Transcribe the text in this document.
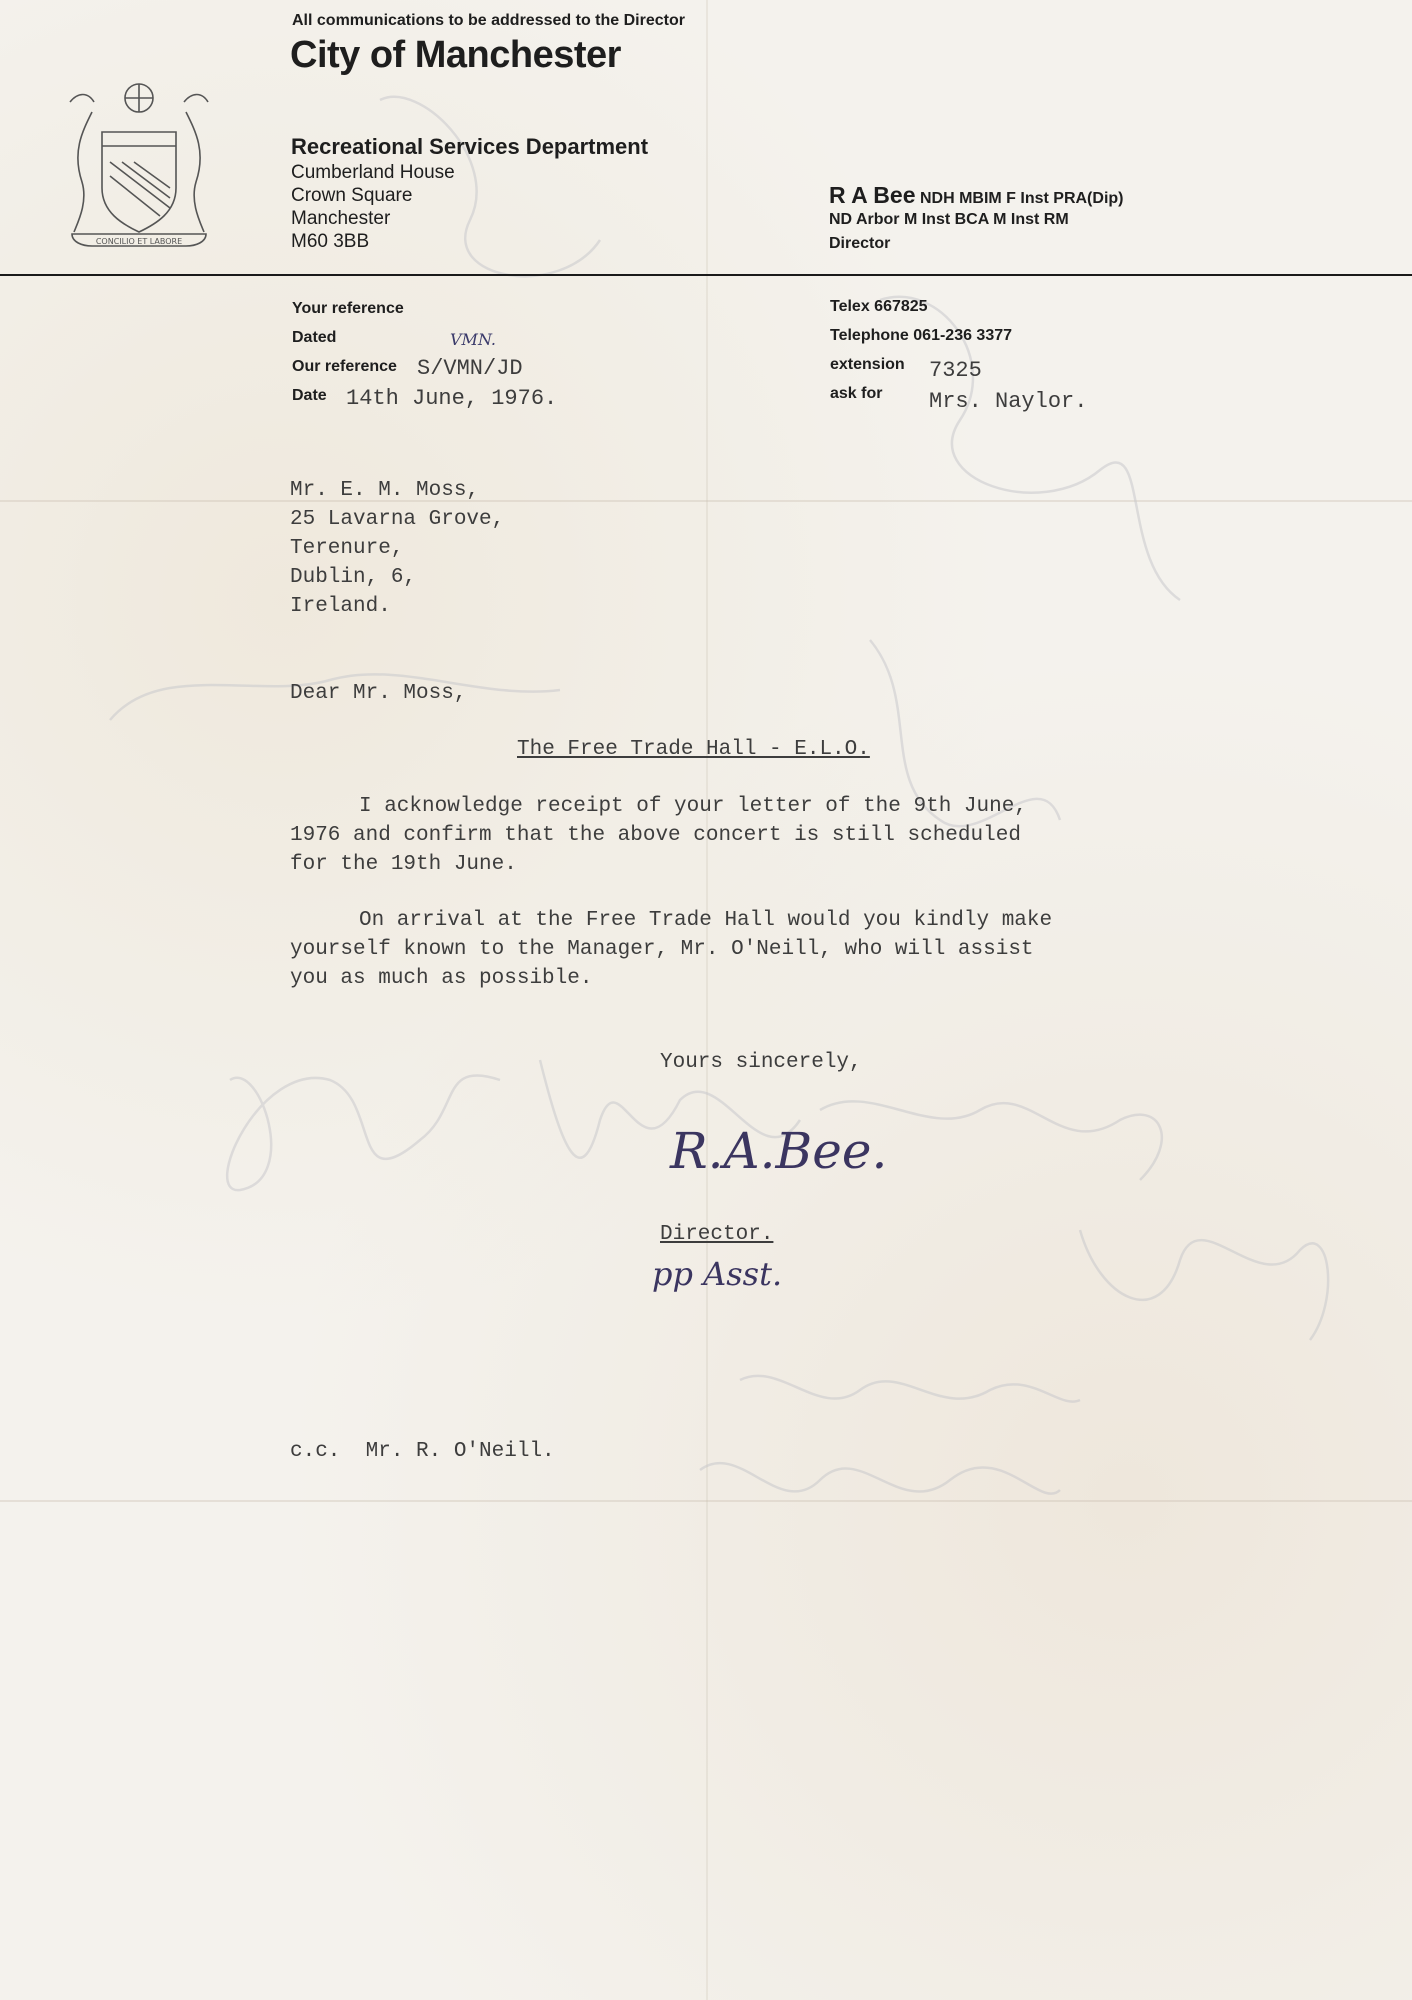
CONCILIO ET LABORE
All communications to be addressed to the Director
City of Manchester
Recreational Services Department
Cumberland House
Crown Square
Manchester
M60 3BB
R A Bee NDH MBIM F Inst PRA(Dip)
ND Arbor M Inst BCA M Inst RM
Director
Your reference
Dated	VMN.
Our reference S/VMN/JD
Date 14th June, 1976.
Telex 667825
Telephone 061-236 3377
extension 7325
ask for Mrs. Naylor.
Mr. E. M. Moss,
25 Lavarna Grove,
Terenure,
Dublin, 6,
Ireland.
Dear Mr. Moss,
The Free Trade Hall - E.L.O.
I acknowledge receipt of your letter of the 9th June,
1976 and confirm that the above concert is still scheduled
for the 19th June.
On arrival at the Free Trade Hall would you kindly make
yourself known to the Manager, Mr. O'Neill, who will assist
you as much as possible.
Yours sincerely,
R.A.Bee.
Director.
pp Asst.
c.c.  Mr. R. O'Neill.
